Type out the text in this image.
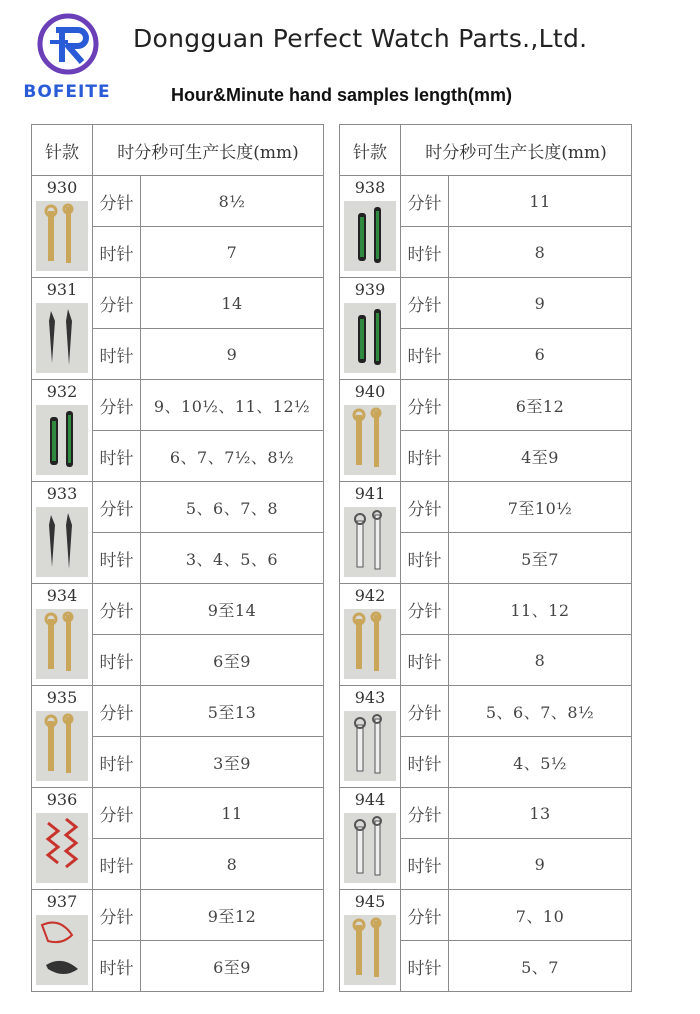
BOFEITE
Dongguan Perfect Watch Parts.,Ltd.
Hour&Minute hand samples length(mm)
针款	时分秒可生产长度(mm)	

930	分针	8½
	时针	7

931	分针	14
	时针	9

932	分针	9、10½、11、12½
	时针	6、7、7½、8½

933	分针	5、6、7、8
	时针	3、4、5、6

934	分针	9至14
	时针	6至9

935	分针	5至13
	时针	3至9

936	分针	11
	时针	8

937	分针	9至12
	时针	6至9
针款	时分秒可生产长度(mm)	

938	分针	11
	时针	8

939	分针	9
	时针	6

940	分针	6至12
	时针	4至9

941	分针	7至10½
	时针	5至7

942	分针	11、12
	时针	8

943	分针	5、6、7、8½
	时针	4、5½

944	分针	13
	时针	9

945	分针	7、10
	时针	5、7
